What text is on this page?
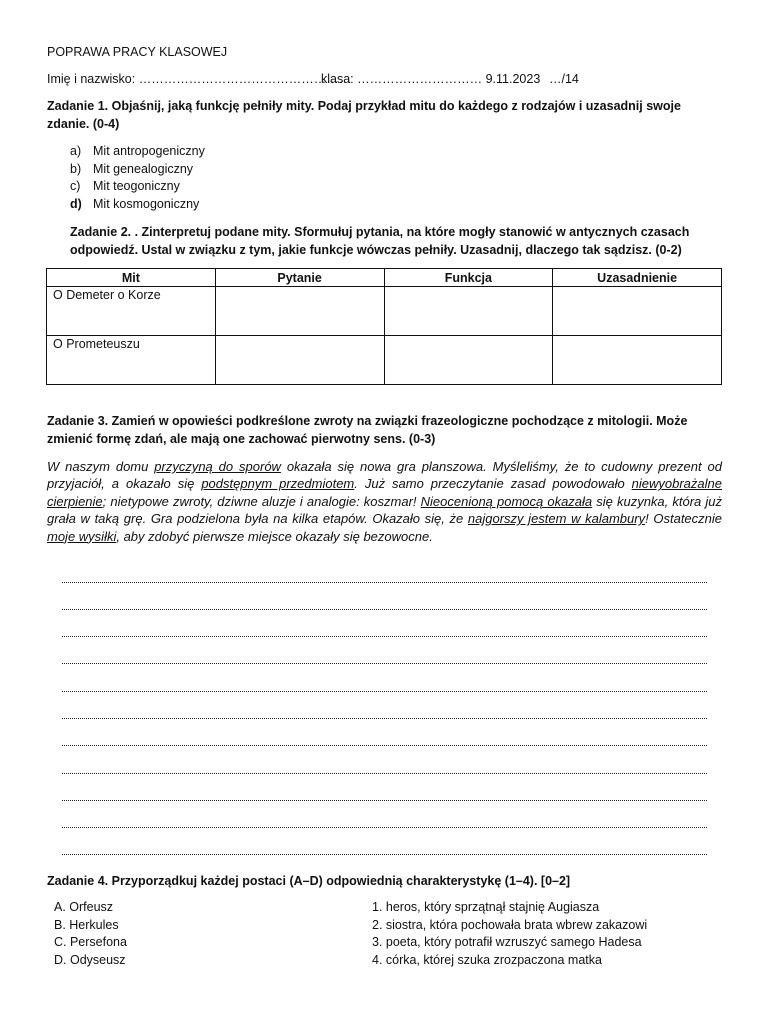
POPRAWA PRACY KLASOWEJ
Imię i nazwisko: ……………………………………………
klasa: ………………………… 9.11.2023 …/14
Zadanie 1. Objaśnij, jaką funkcję pełniły mity. Podaj przykład mitu do każdego z rodzajów i uzasadnij swoje zdanie. (0-4)
a) Mit antropogeniczny
b) Mit genealogiczny
c) Mit teogoniczny
d) Mit kosmogoniczny
Zadanie 2. . Zinterpretuj podane mity. Sformułuj pytania, na które mogły stanowić w antycznych czasach odpowiedź. Ustal w związku z tym, jakie funkcje wówczas pełniły. Uzasadnij, dlaczego tak sądzisz. (0-2)
Mit	Pytanie	Funkcja	Uzasadnienie
O Demeter o Korze			
O Prometeuszu			
Zadanie 3. Zamień w opowieści podkreślone zwroty na związki frazeologiczne pochodzące z mitologii. Może zmienić formę zdań, ale mają one zachować pierwotny sens. (0-3)
W naszym domu przyczyną do sporów okazała się nowa gra planszowa. Myśleliśmy, że to cudowny prezent od przyjaciół, a okazało się podstępnym przedmiotem. Już samo przeczytanie zasad powodowało niewyobrażalne cierpienie; nietypowe zwroty, dziwne aluzje i analogie: koszmar! Nieocenioną pomocą okazała się kuzynka, która już grała w taką grę. Gra podzielona była na kilka etapów. Okazało się, że najgorszy jestem w kalambury! Ostatecznie moje wysiłki, aby zdobyć pierwsze miejsce okazały się bezowocne.
Zadanie 4. Przyporządkuj każdej postaci (A–D) odpowiednią charakterystykę (1–4). [0–2]
A. Orfeusz
B. Herkules
C. Persefona
D. Odyseusz
1. heros, który sprzątnął stajnię Augiasza
2. siostra, która pochowała brata wbrew zakazowi
3. poeta, który potrafił wzruszyć samego Hadesa
4. córka, której szuka zrozpaczona matka
